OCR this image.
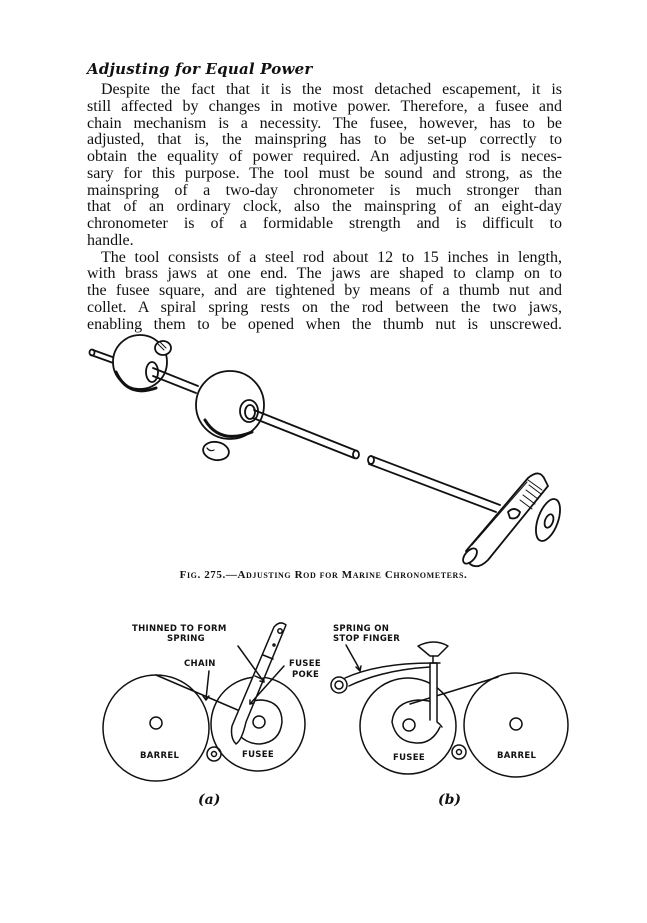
Adjusting for Equal Power
Despite the fact that it is the most detached escapement, it is
still affected by changes in motive power. Therefore, a fusee and
chain mechanism is a necessity. The fusee, however, has to be
adjusted, that is, the mainspring has to be set-up correctly to
obtain the equality of power required. An adjusting rod is neces-
sary for this purpose. The tool must be sound and strong, as the
mainspring of a two-day chronometer is much stronger than
that of an ordinary clock, also the mainspring of an eight-day
chronometer is of a formidable strength and is difficult to
handle.
The tool consists of a steel rod about 12 to 15 inches in length,
with brass jaws at one end. The jaws are shaped to clamp on to
the fusee square, and are tightened by means of a thumb nut and
collet. A spiral spring rests on the rod between the two jaws,
enabling them to be opened when the thumb nut is unscrewed.
Fig. 275.—Adjusting Rod for Marine Chronometers.
THINNED TO FORM
SPRING
CHAIN	FUSEE
POKE
BARREL	FUSEE
(a)
SPRING ON
STOP FINGER
FUSEE	BARREL
(b)
